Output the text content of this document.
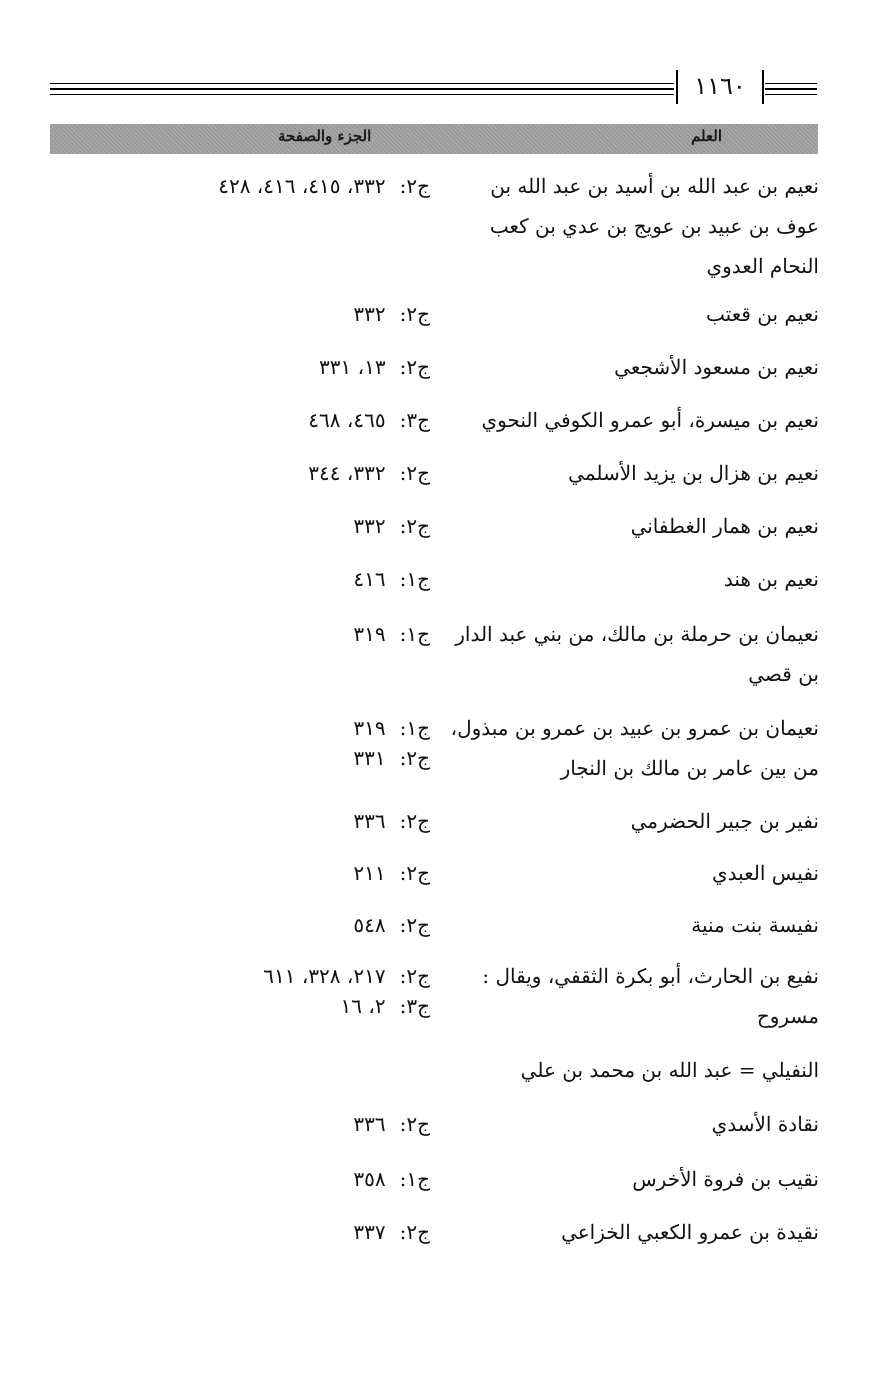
١١٦٠
العلم
الجزء والصفحة
نعيم بن عبد الله بن أسيد بن عبد الله بن عوف بن عبيد بن عويج بن عدي بن كعب النحام العدوي
ج٢:٣٣٢، ٤١٥، ٤١٦، ٤٢٨
نعيم بن قعتب
ج٢:٣٣٢
نعيم بن مسعود الأشجعي
ج٢:١٣، ٣٣١
نعيم بن ميسرة، أبو عمرو الكوفي النحوي
ج٣:٤٦٥، ٤٦٨
نعيم بن هزال بن يزيد الأسلمي
ج٢:٣٣٢، ٣٤٤
نعيم بن همار الغطفاني
ج٢:٣٣٢
نعيم بن هند
ج١:٤١٦
نعيمان بن حرملة بن مالك، من بني عبد الدار بن قصي
ج١:٣١٩
نعيمان بن عمرو بن عبيد بن عمرو بن مبذول، من بين عامر بن مالك بن النجار
ج١:٣١٩
ج٢:٣٣١
نفير بن جبير الحضرمي
ج٢:٣٣٦
نفيس العبدي
ج٢:٢١١
نفيسة بنت منية
ج٢:٥٤٨
نفيع بن الحارث، أبو بكرة الثقفي، ويقال : مسروح
ج٢:٢١٧، ٣٢٨، ٦١١
ج٣:٢، ١٦
النفيلي = عبد الله بن محمد بن علي
نقادة الأسدي
ج٢:٣٣٦
نقيب بن فروة الأخرس
ج١:٣٥٨
نقيدة بن عمرو الكعبي الخزاعي
ج٢:٣٣٧
